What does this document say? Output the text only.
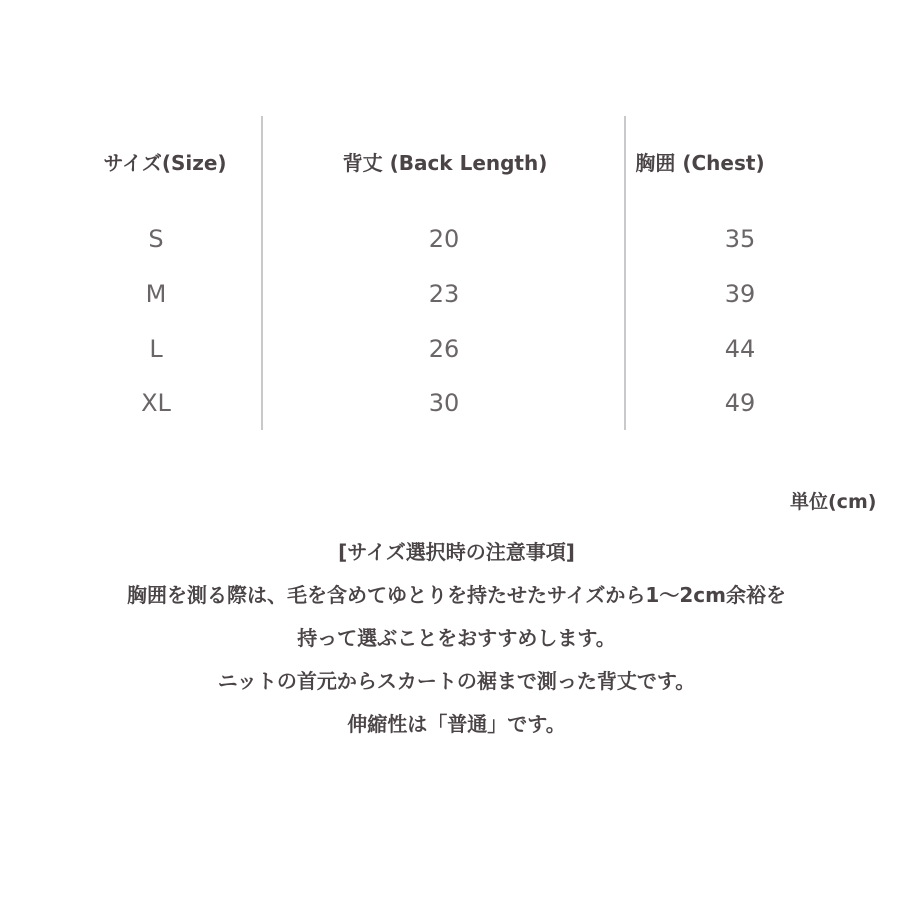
サイズ(Size)	背丈 (Back Length)	胸囲 (Chest)
S	20	35
M	23	39
L	26	44
XL	30	49
単位(cm)
[サイズ選択時の注意事項]
胸囲を測る際は、毛を含めてゆとりを持たせたサイズから1～2cm余裕を
持って選ぶことをおすすめします。
ニットの首元からスカートの裾まで測った背丈です。
伸縮性は「普通」です。
